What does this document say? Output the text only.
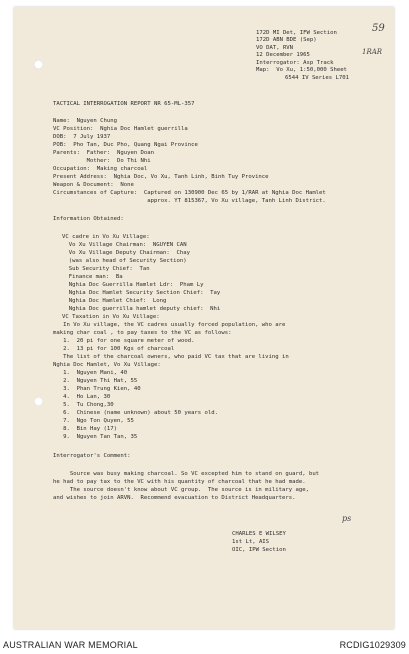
59
1RAR
ps
172D MI Det, IFW Section
172D ABN BDE (Sep)
VO DAT, RVN
12 December 1965
Interrogator: Asp Track
Map:  Vo Xu, 1:50,000 Sheet
6544 IV Series L701
TACTICAL INTERROGATION REPORT NR 65-ML-357
Name:  Nguyen Chung
VC Position:  Nghia Doc Hamlet guerrilla
DOB:  7 July 1937
POB:  Pho Tan, Duc Pho, Quang Ngai Province
Parents:  Father:  Nguyen Doan
Mother:  Do Thi Nhi
Occupation:  Making charcoal
Present Address:  Nghia Doc, Vo Xu, Tanh Linh, Binh Tuy Province
Weapon & Document:  None
Circumstances of Capture:  Captured on 130900 Dec 65 by 1/RAR at Nghia Doc Hamlet
approx. YT 815367, Vo Xu village, Tanh Linh District.
Information Obtained:
VC cadre in Vo Xu Village:
Vo Xu Village Chairman:  NGUYEN CAN
Vo Xu Village Deputy Chairman:  Chay
(was also head of Security Section)
Sub Security Chief:  Tan
Finance man:  Ba
Nghia Doc Guerrilla Hamlet Ldr:  Pham Ly
Nghia Doc Hamlet Security Section Chief:  Tay
Nghia Doc Hamlet Chief:  Long
Nghia Doc guerrilla hamlet deputy chief:  Nhi
VC Taxation in Vo Xu Village:
In Vo Xu village, the VC cadres usually forced population, who are
making char coal , to pay taxes to the VC as follows:
1.  20 pi for one square meter of wood.
2.  13 pi for 100 Kgs of charcoal
The list of the charcoal owners, who paid VC tax that are living in
Nghia Doc Hamlet, Vo Xu Village:
1.  Nguyen Mani, 40
2.  Nguyen Thi Hat, 55
3.  Phan Trung Kien, 40
4.  Ho Lan, 30
5.  Tu Chong,30
6.  Chinese (name unknown) about 50 years old.
7.  Ngo Ton Quyen, 55
8.  Bin Hay (17)
9.  Nguyen Tan Tan, 35
Interrogator's Comment:
Source was busy making charcoal. So VC excepted him to stand on guard, but
he had to pay tax to the VC with his quantity of charcoal that he had made.
The source doesn't know about VC group.  The source is in military age,
and wishes to join ARVN.  Recommend evacuation to District Headquarters.
CHARLES E WILSEY
1st Lt, AIS
OIC, IPW Section
AUSTRALIAN WAR MEMORIAL	RCDIG1029309
